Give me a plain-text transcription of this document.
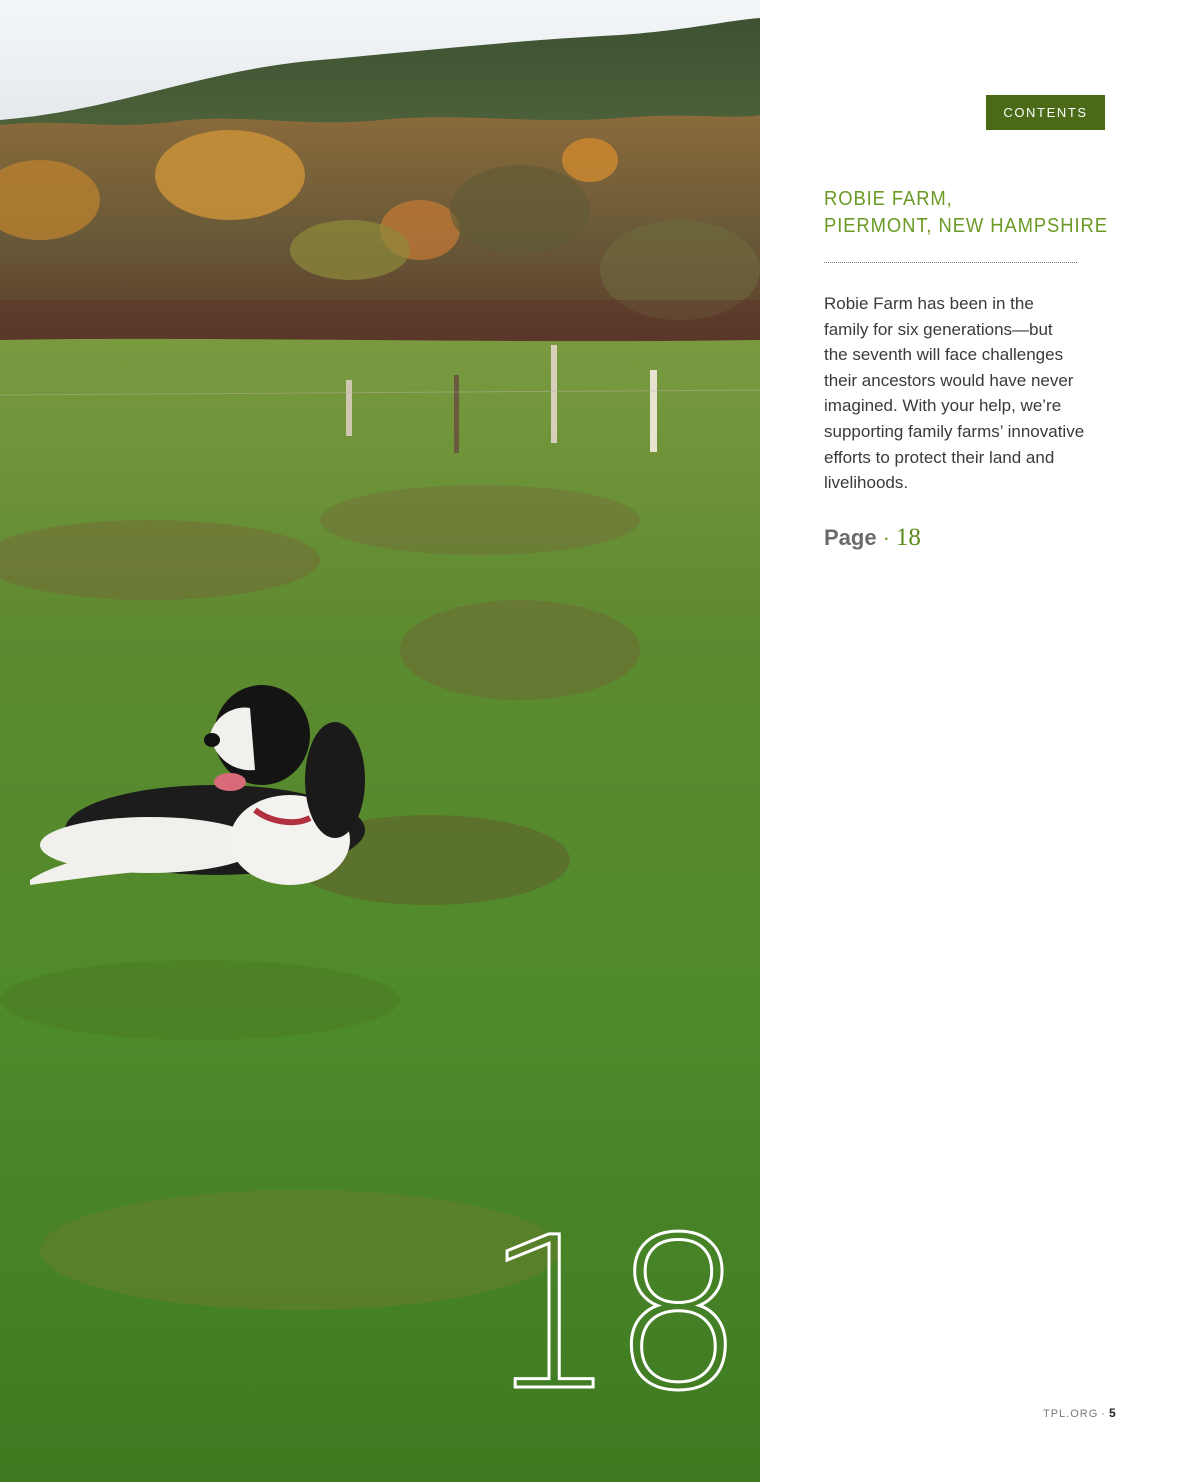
18
CONTENTS
ROBIE FARM,
PIERMONT, NEW HAMPSHIRE
Robie Farm has been in the
family for six generations—but
the seventh will face challenges
their ancestors would have never
imagined. With your help, we’re
supporting family farms’ innovative
efforts to protect their land and
livelihoods.
Page · 18
TPL.ORG · 5
